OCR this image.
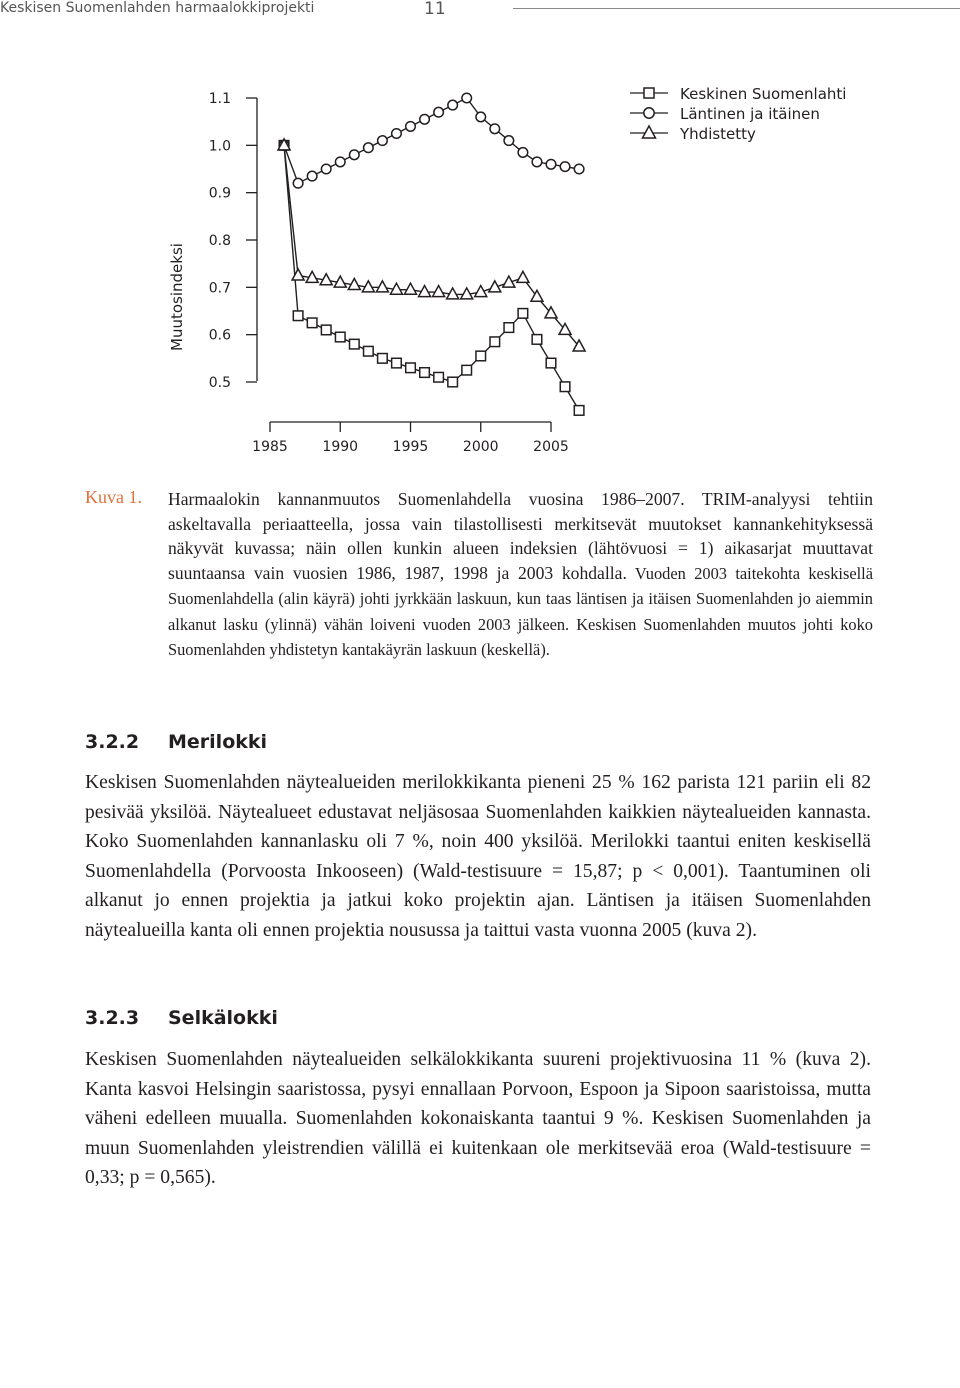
Keskisen Suomenlahden harmaalokkiprojekti	11
Muutosindeksi
1.1
1.0
0.9
0.8
0.7
0.6
0.5
1985 1990 1995 2000 2005
Keskinen Suomenlahti
Läntinen ja itäinen
Yhdistetty
Kuva 1. Harmaalokin kannanmuutos Suomenlahdella vuosina 1986–2007. TRIM-analyysi tehtiin askeltavalla periaatteella, jossa vain tilastollisesti merkitsevät muutokset kannankehityksessä näkyvät kuvassa; näin ollen kunkin alueen indeksien (lähtövuosi = 1) aikasarjat muuttavat suuntaansa vain vuosien 1986, 1987, 1998 ja 2003 kohdalla. Vuoden 2003 taitekohta keskisellä Suomenlahdella (alin käyrä) johti jyrkkään laskuun, kun taas läntisen ja itäisen Suomenlahden jo aiemmin alkanut lasku (ylinnä) vähän loiveni vuoden 2003 jälkeen. Keskisen Suomenlahden muutos johti koko Suomenlahden yhdistetyn kantakäyrän laskuun (keskellä).
3.2.2 Merilokki
Keskisen Suomenlahden näytealueiden merilokkikanta pieneni 25 % 162 parista 121 pariin eli 82 pesivää yksilöä. Näytealueet edustavat neljäsosaa Suomenlahden kaikkien näytealueiden kannasta. Koko Suomenlahden kannanlasku oli 7 %, noin 400 yksilöä. Merilokki taantui eniten keskisellä Suomenlahdella (Porvoosta Inkooseen) (Wald-testisuure = 15,87; p < 0,001). Taantuminen oli alkanut jo ennen projektia ja jatkui koko projektin ajan. Läntisen ja itäisen Suomenlahden näytealueilla kanta oli ennen projektia nousussa ja taittui vasta vuonna 2005 (kuva 2).
3.2.3 Selkälokki
Keskisen Suomenlahden näytealueiden selkälokkikanta suureni projektivuosina 11 % (kuva 2). Kanta kasvoi Helsingin saaristossa, pysyi ennallaan Porvoon, Espoon ja Sipoon saaristoissa, mutta väheni edelleen muualla. Suomenlahden kokonaiskanta taantui 9 %. Keskisen Suomenlahden ja muun Suomenlahden yleistrendien välillä ei kuitenkaan ole merkitsevää eroa (Wald-testisuure = 0,33; p = 0,565).
